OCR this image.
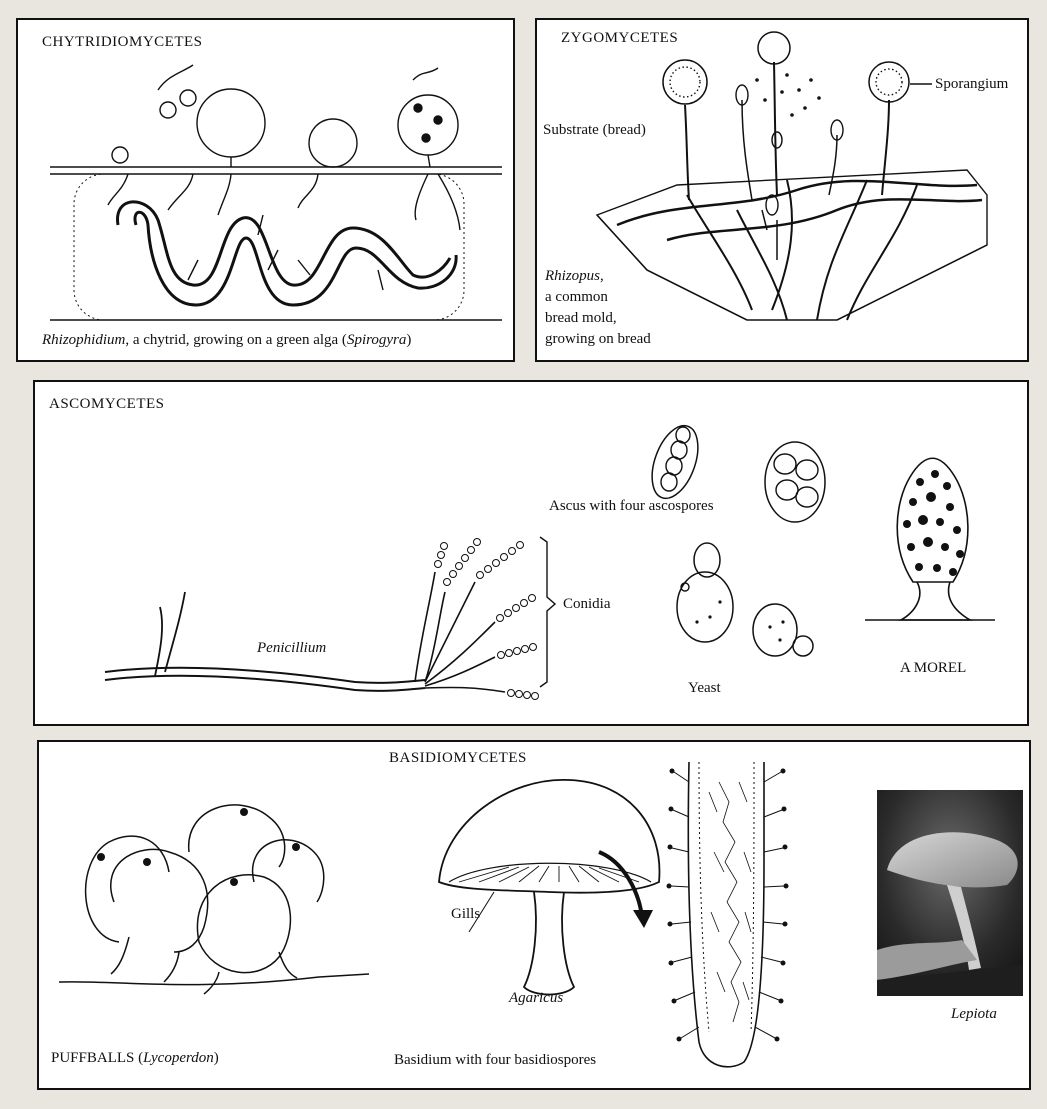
CHYTRIDIOMYCETES
Rhizophidium, a chytrid, growing on a green alga (Spirogyra)
ZYGOMYCETES
Sporangium
Substrate (bread)
Rhizopus,
a common
bread mold,
growing on bread
ASCOMYCETES
Ascus with four ascospores
Conidia
Penicillium
Yeast
A MOREL
BASIDIOMYCETES
Gills
Agaricus
PUFFBALLS (Lycoperdon)	Basidium with four basidiospores
Lepiota
